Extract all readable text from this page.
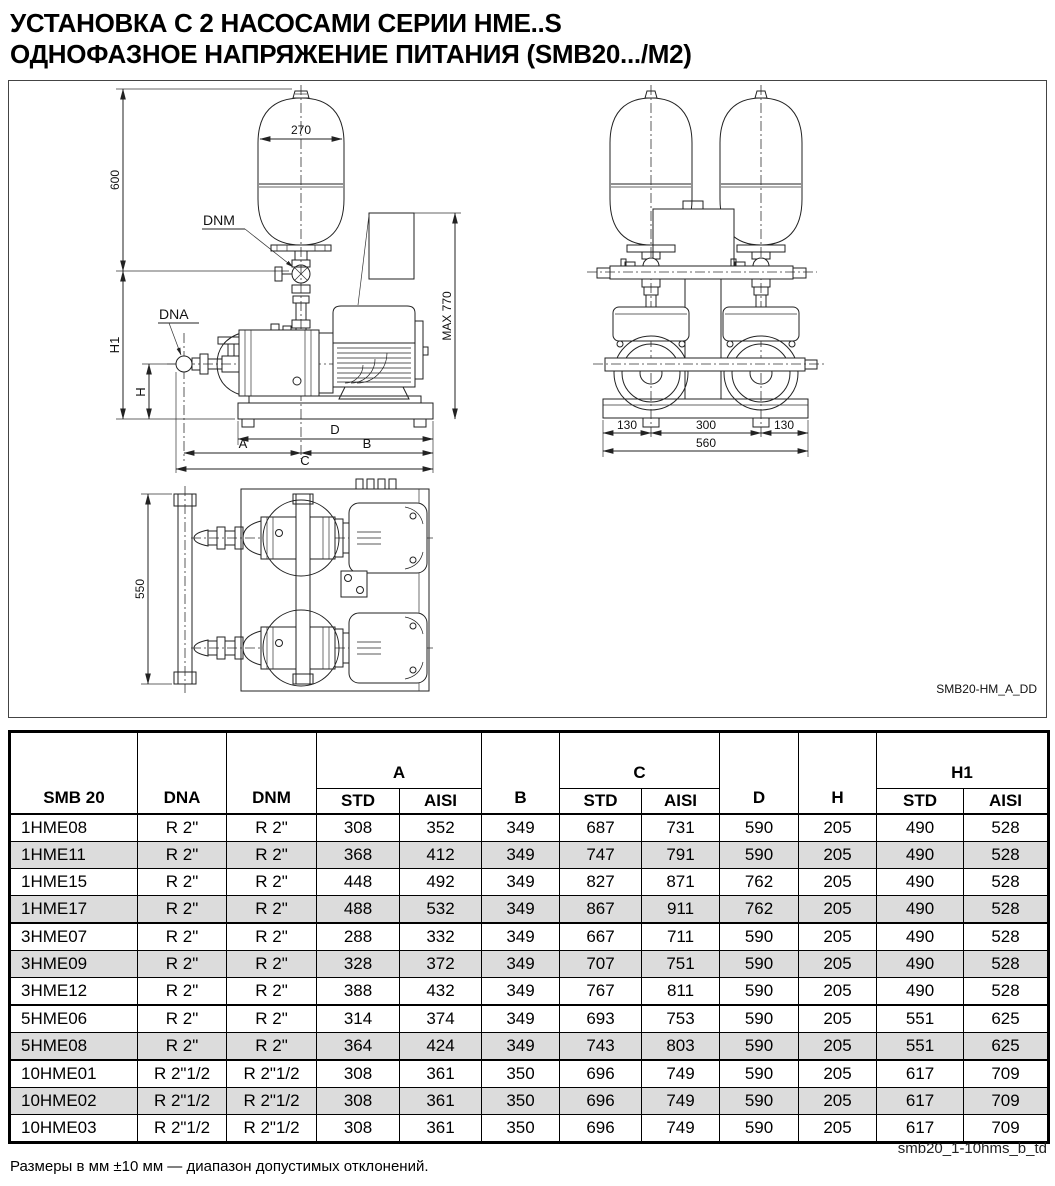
УСТАНОВКА С 2 НАСОСАМИ СЕРИИ HME..S
ОДНОФАЗНОЕ НАПРЯЖЕНИЕ ПИТАНИЯ (SMB20.../M2)
270
600
H1
H
DNM
DNA	MAX 770
D
A	B
C
130	300	130
560
550
SMB20-HM_A_DD
SMB 20	DNA	DNM	A		B	C		D	H	H1	
			STD	AISI		STD	AISI			STD	AISI
1HME08	R 2"	R 2"	308	352	349	687	731	590	205	490	528
1HME11	R 2"	R 2"	368	412	349	747	791	590	205	490	528
1HME15	R 2"	R 2"	448	492	349	827	871	762	205	490	528
1HME17	R 2"	R 2"	488	532	349	867	911	762	205	490	528
3HME07	R 2"	R 2"	288	332	349	667	711	590	205	490	528
3HME09	R 2"	R 2"	328	372	349	707	751	590	205	490	528
3HME12	R 2"	R 2"	388	432	349	767	811	590	205	490	528
5HME06	R 2"	R 2"	314	374	349	693	753	590	205	551	625
5HME08	R 2"	R 2"	364	424	349	743	803	590	205	551	625
10HME01	R 2"1/2	R 2"1/2	308	361	350	696	749	590	205	617	709
10HME02	R 2"1/2	R 2"1/2	308	361	350	696	749	590	205	617	709
10HME03	R 2"1/2	R 2"1/2	308	361	350	696	749	590	205	617	709
Размеры в мм ±10 мм — диапазон допустимых отклонений.
smb20_1-10hms_b_td
